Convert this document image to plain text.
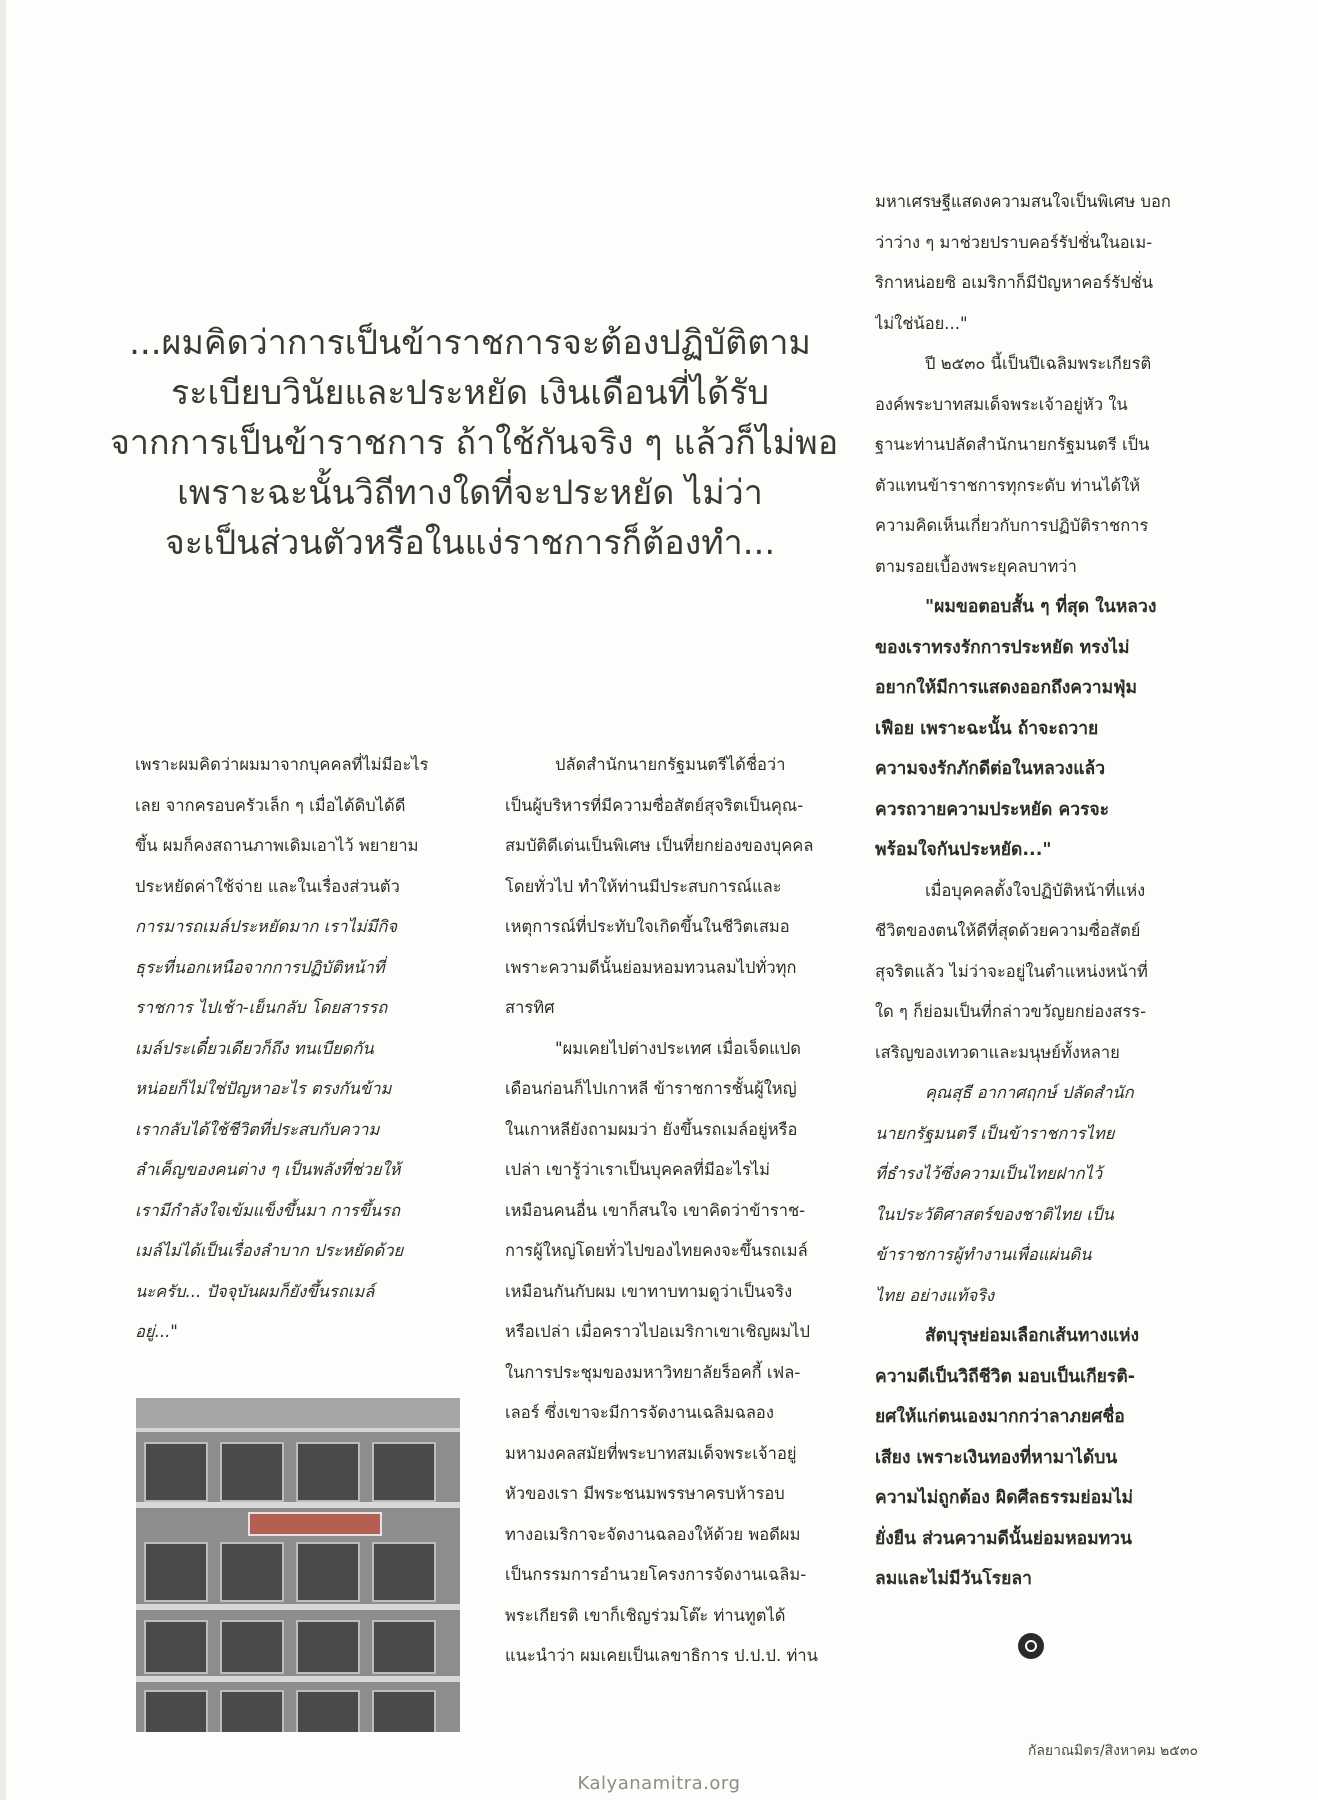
...ผมคิดว่าการเป็นข้าราชการจะต้องปฏิบัติตาม
ระเบียบวินัยและประหยัด เงินเดือนที่ได้รับ
จากการเป็นข้าราชการ ถ้าใช้กันจริง ๆ แล้วก็ไม่พอ
เพราะฉะนั้นวิถีทางใดที่จะประหยัด ไม่ว่า
จะเป็นส่วนตัวหรือในแง่ราชการก็ต้องทำ...
เพราะผมคิดว่าผมมาจากบุคคลที่ไม่มีอะไร
เลย จากครอบครัวเล็ก ๆ เมื่อได้ดิบได้ดี
ขึ้น ผมก็คงสถานภาพเดิมเอาไว้ พยายาม
ประหยัดค่าใช้จ่าย และในเรื่องส่วนตัว
การมารถเมล์ประหยัดมาก เราไม่มีกิจ
ธุระที่นอกเหนือจากการปฏิบัติหน้าที่
ราชการ ไปเช้า-เย็นกลับ โดยสารรถ
เมล์ประเดี๋ยวเดียวก็ถึง ทนเบียดกัน
หน่อยก็ไม่ใช่ปัญหาอะไร ตรงกันข้าม
เรากลับได้ใช้ชีวิตที่ประสบกับความ
ลำเค็ญของคนต่าง ๆ เป็นพลังที่ช่วยให้
เรามีกำลังใจเข้มแข็งขึ้นมา การขึ้นรถ
เมล์ไม่ได้เป็นเรื่องลำบาก ประหยัดด้วย
นะครับ... ปัจจุบันผมก็ยังขึ้นรถเมล์
อยู่..."
ปลัดสำนักนายกรัฐมนตรีได้ชื่อว่า
เป็นผู้บริหารที่มีความซื่อสัตย์สุจริตเป็นคุณ-
สมบัติดีเด่นเป็นพิเศษ เป็นที่ยกย่องของบุคคล
โดยทั่วไป ทำให้ท่านมีประสบการณ์และ
เหตุการณ์ที่ประทับใจเกิดขึ้นในชีวิตเสมอ
เพราะความดีนั้นย่อมหอมทวนลมไปทั่วทุก
สารทิศ
"ผมเคยไปต่างประเทศ เมื่อเจ็ดแปด
เดือนก่อนก็ไปเกาหลี ข้าราชการชั้นผู้ใหญ่
ในเกาหลียังถามผมว่า ยังขึ้นรถเมล์อยู่หรือ
เปล่า เขารู้ว่าเราเป็นบุคคลที่มีอะไรไม่
เหมือนคนอื่น เขาก็สนใจ เขาคิดว่าข้าราช-
การผู้ใหญ่โดยทั่วไปของไทยคงจะขึ้นรถเมล์
เหมือนกันกับผม เขาทาบทามดูว่าเป็นจริง
หรือเปล่า เมื่อคราวไปอเมริกาเขาเชิญผมไป
ในการประชุมของมหาวิทยาลัยร็อคกี้ เฟล-
เลอร์ ซึ่งเขาจะมีการจัดงานเฉลิมฉลอง
มหามงคลสมัยที่พระบาทสมเด็จพระเจ้าอยู่
หัวของเรา มีพระชนมพรรษาครบห้ารอบ
ทางอเมริกาจะจัดงานฉลองให้ด้วย พอดีผม
เป็นกรรมการอำนวยโครงการจัดงานเฉลิม-
พระเกียรติ เขาก็เชิญร่วมโต๊ะ ท่านทูตได้
แนะนำว่า ผมเคยเป็นเลขาธิการ ป.ป.ป. ท่าน
มหาเศรษฐีแสดงความสนใจเป็นพิเศษ บอก
ว่าว่าง ๆ มาช่วยปราบคอร์รัปชั่นในอเม-
ริกาหน่อยซิ อเมริกาก็มีปัญหาคอร์รัปชั่น
ไม่ใช่น้อย..."
ปี ๒๕๓๐ นี้เป็นปีเฉลิมพระเกียรติ
องค์พระบาทสมเด็จพระเจ้าอยู่หัว ใน
ฐานะท่านปลัดสำนักนายกรัฐมนตรี เป็น
ตัวแทนข้าราชการทุกระดับ ท่านได้ให้
ความคิดเห็นเกี่ยวกับการปฏิบัติราชการ
ตามรอยเบื้องพระยุคลบาทว่า
"ผมขอตอบสั้น ๆ ที่สุด ในหลวง
ของเราทรงรักการประหยัด ทรงไม่
อยากให้มีการแสดงออกถึงความฟุ่ม
เฟือย เพราะฉะนั้น ถ้าจะถวาย
ความจงรักภักดีต่อในหลวงแล้ว
ควรถวายความประหยัด ควรจะ
พร้อมใจกันประหยัด..."
เมื่อบุคคลตั้งใจปฏิบัติหน้าที่แห่ง
ชีวิตของตนให้ดีที่สุดด้วยความซื่อสัตย์
สุจริตแล้ว ไม่ว่าจะอยู่ในตำแหน่งหน้าที่
ใด ๆ ก็ย่อมเป็นที่กล่าวขวัญยกย่องสรร-
เสริญของเทวดาและมนุษย์ทั้งหลาย
คุณสุธี อากาศฤกษ์ ปลัดสำนัก
นายกรัฐมนตรี เป็นข้าราชการไทย
ที่ธำรงไว้ซึ่งความเป็นไทยฝากไว้
ในประวัติศาสตร์ของชาติไทย เป็น
ข้าราชการผู้ทำงานเพื่อแผ่นดิน
ไทย อย่างแท้จริง
สัตบุรุษย่อมเลือกเส้นทางแห่ง
ความดีเป็นวิถีชีวิต มอบเป็นเกียรติ-
ยศให้แก่ตนเองมากกว่าลาภยศชื่อ
เสียง เพราะเงินทองที่หามาได้บน
ความไม่ถูกต้อง ผิดศีลธรรมย่อมไม่
ยั่งยืน ส่วนความดีนั้นย่อมหอมทวน
ลมและไม่มีวันโรยลา
กัลยาณมิตร/สิงหาคม ๒๕๓๐
Kalyanamitra.org
